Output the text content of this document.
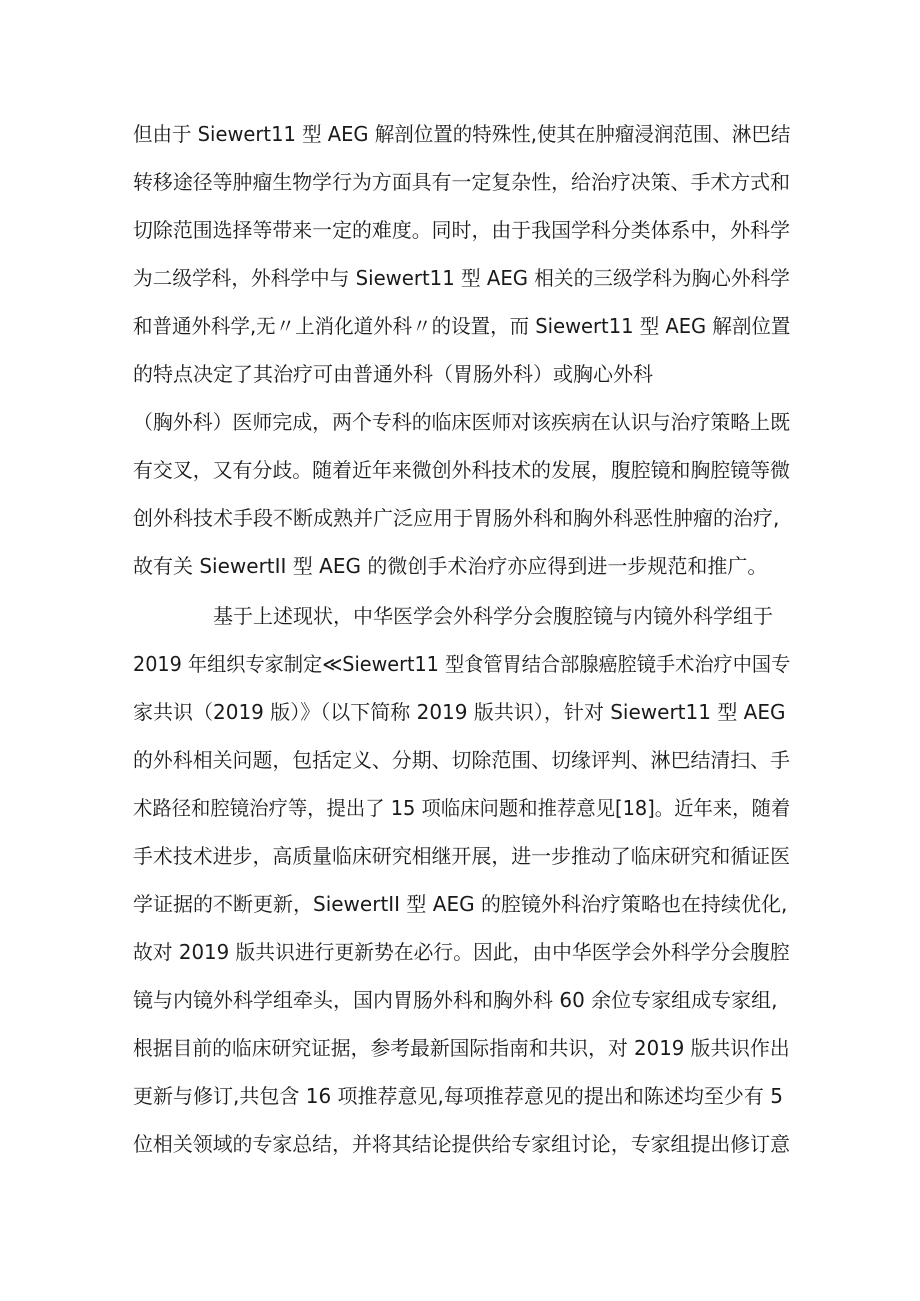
但由于 Siewert11 型 AEG 解剖位置的特殊性,使其在肿瘤浸润范围、淋巴结
转移途径等肿瘤生物学行为方面具有一定复杂性，给治疗决策、手术方式和
切除范围选择等带来一定的难度。同时，由于我国学科分类体系中，外科学
为二级学科，外科学中与 Siewert11 型 AEG 相关的三级学科为胸心外科学
和普通外科学,无〃上消化道外科〃的设置，而 Siewert11 型 AEG 解剖位置
的特点决定了其治疗可由普通外科（胃肠外科）或胸心外科
（胸外科）医师完成，两个专科的临床医师对该疾病在认识与治疗策略上既
有交叉，又有分歧。随着近年来微创外科技术的发展，腹腔镜和胸腔镜等微
创外科技术手段不断成熟并广泛应用于胃肠外科和胸外科恶性肿瘤的治疗,
故有关 SiewertII 型 AEG 的微创手术治疗亦应得到进一步规范和推广。
基于上述现状，中华医学会外科学分会腹腔镜与内镜外科学组于
2019 年组织专家制定≪Siewert11 型食管胃结合部腺癌腔镜手术治疗中国专
家共识（2019 版）》（以下简称 2019 版共识），针对 Siewert11 型 AEG
的外科相关问题，包括定义、分期、切除范围、切缘评判、淋巴结清扫、手
术路径和腔镜治疗等，提出了 15 项临床问题和推荐意见[18]。近年来，随着
手术技术进步，高质量临床研究相继开展，进一步推动了临床研究和循证医
学证据的不断更新，SiewertII 型 AEG 的腔镜外科治疗策略也在持续优化,
故对 2019 版共识进行更新势在必行。因此，由中华医学会外科学分会腹腔
镜与内镜外科学组牵头，国内胃肠外科和胸外科 60 余位专家组成专家组,
根据目前的临床研究证据，参考最新国际指南和共识，对 2019 版共识作出
更新与修订,共包含 16 项推荐意见,每项推荐意见的提出和陈述均至少有 5
位相关领域的专家总结，并将其结论提供给专家组讨论，专家组提出修订意
